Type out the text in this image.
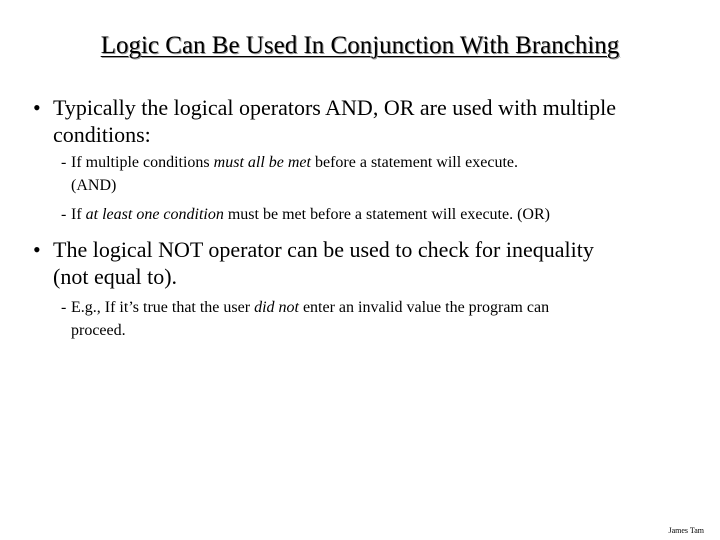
Logic Can Be Used In Conjunction With Branching
• Typically the logical operators AND, OR are used with multiple
conditions:
- If multiple conditions must all be met before a statement will execute.
(AND)
- If at least one condition must be met before a statement will execute. (OR)
• The logical NOT operator can be used to check for inequality
(not equal to).
- E.g., If it’s true that the user did not enter an invalid value the program can
proceed.
James Tam
